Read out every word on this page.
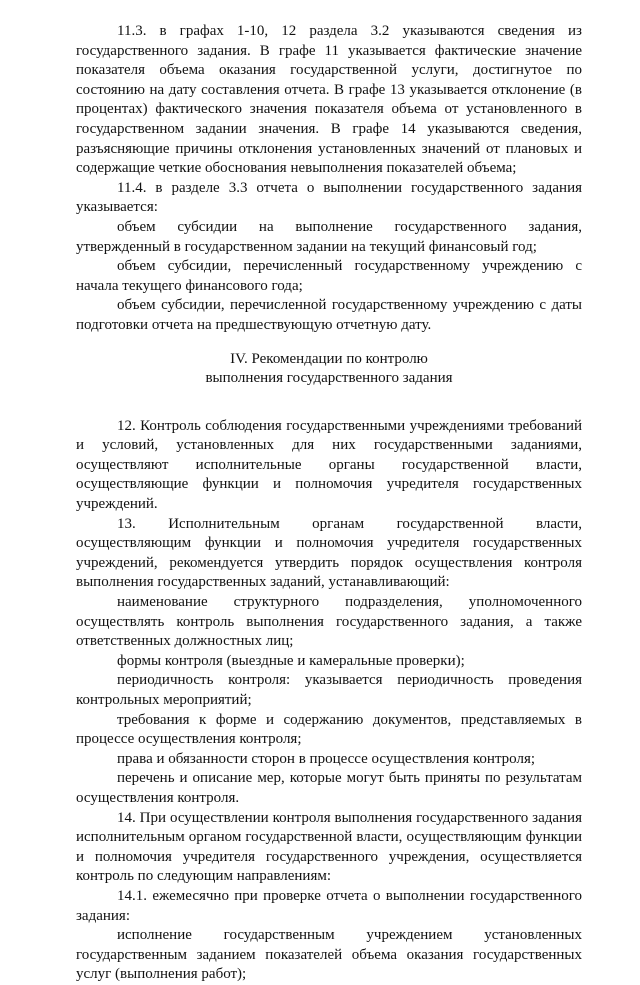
11.3. в графах 1-10, 12 раздела 3.2 указываются сведения из государственного задания. В графе 11 указывается фактические значение показателя объема оказания государственной услуги, достигнутое по состоянию на дату составления отчета. В графе 13 указывается отклонение (в процентах) фактического значения показателя объема от установленного в государственном задании значения. В графе 14 указываются сведения, разъясняющие причины отклонения установленных значений от плановых и содержащие четкие обоснования невыполнения показателей объема;

11.4. в разделе 3.3 отчета о выполнении государственного задания указывается:

объем субсидии на выполнение государственного задания, утвержденный в государственном задании на текущий финансовый год;

объем субсидии, перечисленный государственному учреждению с начала текущего финансового года;

объем субсидии, перечисленной государственному учреждению с даты подготовки отчета на предшествующую отчетную дату.

IV. Рекомендации по контролю
выполнения государственного задания

12. Контроль соблюдения государственными учреждениями требований и условий, установленных для них государственными заданиями, осуществляют исполнительные органы государственной власти, осуществляющие функции и полномочия учредителя государственных учреждений.

13. Исполнительным органам государственной власти, осуществляющим функции и полномочия учредителя государственных учреждений, рекомендуется утвердить порядок осуществления контроля выполнения государственных заданий, устанавливающий:

наименование структурного подразделения, уполномоченного осуществлять контроль выполнения государственного задания, а также ответственных должностных лиц;

формы контроля (выездные и камеральные проверки);

периодичность контроля: указывается периодичность проведения контрольных мероприятий;

требования к форме и содержанию документов, представляемых в процессе осуществления контроля;

права и обязанности сторон в процессе осуществления контроля;

перечень и описание мер, которые могут быть приняты по результатам осуществления контроля.

14. При осуществлении контроля выполнения государственного задания исполнительным органом государственной власти, осуществляющим функции и полномочия учредителя государственного учреждения, осуществляется контроль по следующим направлениям:

14.1. ежемесячно при проверке отчета о выполнении государственного задания:

исполнение государственным учреждением установленных государственным заданием показателей объема оказания государственных услуг (выполнения работ);
